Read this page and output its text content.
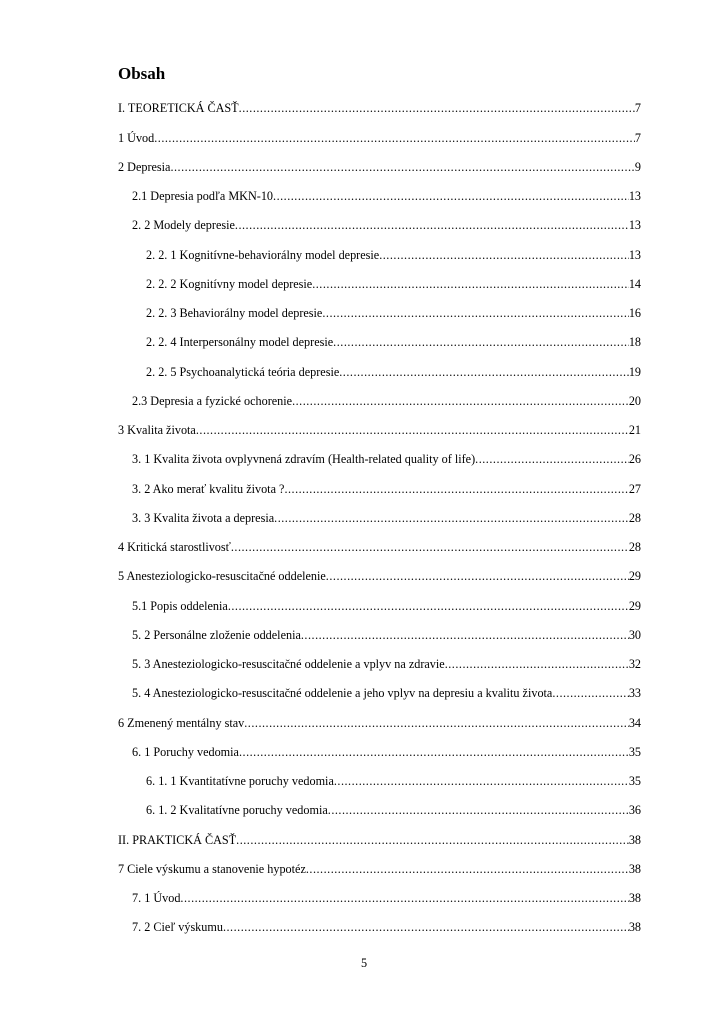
Obsah
I. TEORETICKÁ ČASŤ .....	7
1 Úvod .....	7
2 Depresia .....	9
2.1 Depresia podľa MKN-10 .....	13
2. 2 Modely depresie .....	13
2. 2. 1 Kognitívne-behaviorálny model depresie .....	13
2. 2. 2 Kognitívny model depresie .....	14
2. 2. 3 Behaviorálny model depresie .....	16
2. 2. 4 Interpersonálny model depresie .....	18
2. 2. 5 Psychoanalytická teória depresie .....	19
2.3 Depresia a fyzické ochorenie .....	20
3 Kvalita života .....	21
3. 1 Kvalita života ovplyvnená zdravím (Health-related quality of life) .....	26
3. 2 Ako merať kvalitu života ? .....	27
3. 3 Kvalita života a depresia .....	28
4 Kritická starostlivosť .....	28
5 Anesteziologicko-resuscitačné oddelenie .....	29
5.1 Popis oddelenia .....	29
5. 2 Personálne zloženie oddelenia .....	30
5. 3 Anesteziologicko-resuscitačné oddelenie a vplyv na zdravie .....	32
5. 4 Anesteziologicko-resuscitačné oddelenie a jeho vplyv na depresiu a kvalitu života .....	33
6 Zmenený mentálny stav .....	34
6. 1 Poruchy vedomia .....	35
6. 1. 1 Kvantitatívne poruchy vedomia .....	35
6. 1. 2 Kvalitatívne poruchy vedomia .....	36
II. PRAKTICKÁ ČASŤ .....	38
7 Ciele výskumu a stanovenie hypotéz .....	38
7. 1 Úvod .....	38
7. 2 Cieľ výskumu .....	38
5
